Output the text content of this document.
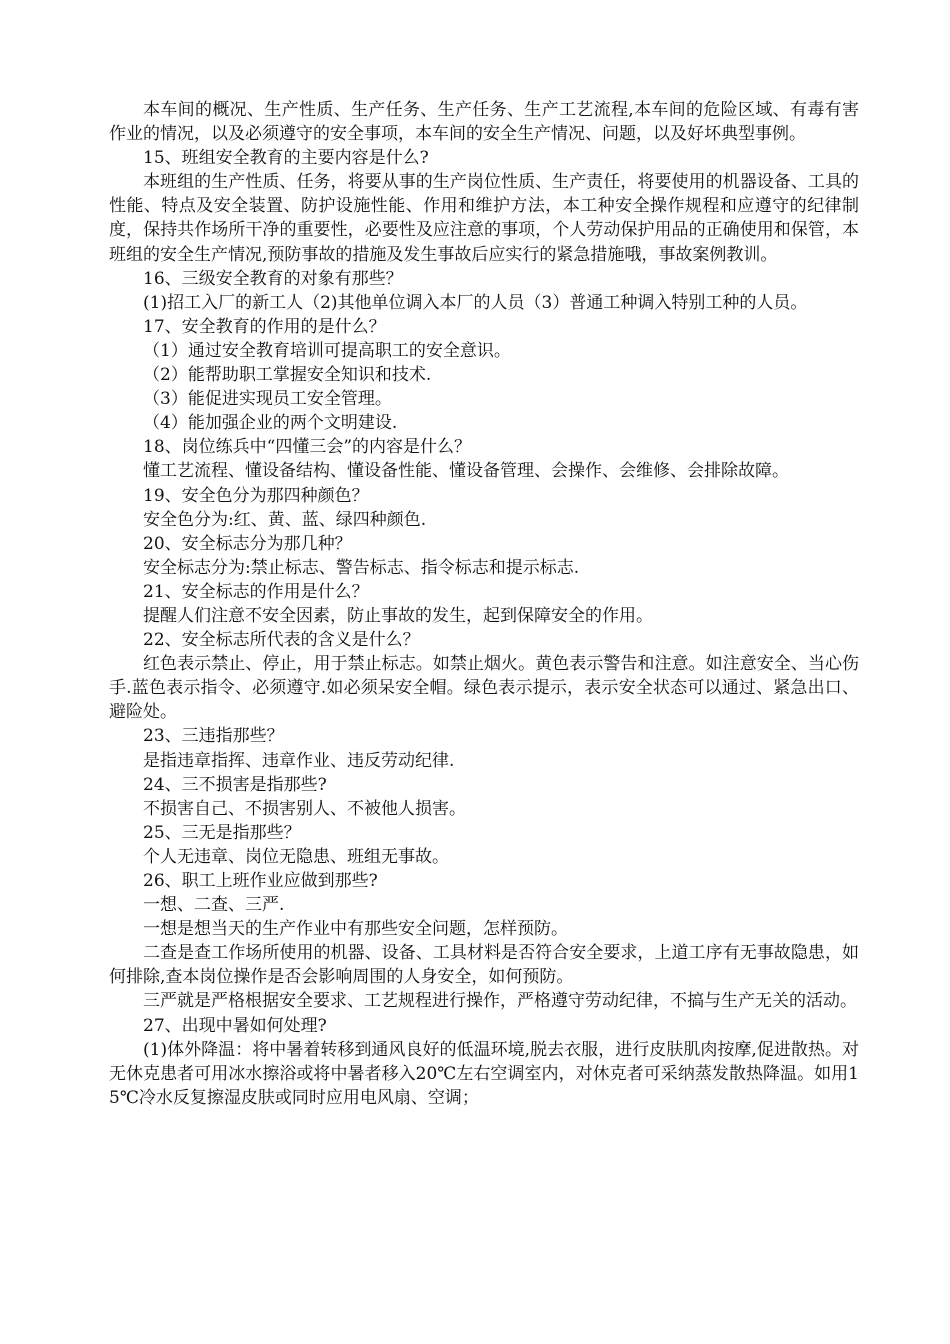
本车间的概况、生产性质、生产任务、生产任务、生产工艺流程,本车间的危险区域、有毒有害作业的情况，以及必须遵守的安全事项，本车间的安全生产情况、问题，以及好坏典型事例。

15、班组安全教育的主要内容是什么?

本班组的生产性质、任务，将要从事的生产岗位性质、生产责任，将要使用的机器设备、工具的性能、特点及安全装置、防护设施性能、作用和维护方法，本工种安全操作规程和应遵守的纪律制度，保持共作场所干净的重要性，必要性及应注意的事项，个人劳动保护用品的正确使用和保管，本班组的安全生产情况,预防事故的措施及发生事故后应实行的紧急措施哦，事故案例教训。

16、三级安全教育的对象有那些？

(1)招工入厂的新工人（2)其他单位调入本厂的人员（3）普通工种调入特别工种的人员。

17、安全教育的作用的是什么？

（1）通过安全教育培训可提高职工的安全意识。

（2）能帮助职工掌握安全知识和技术.

（3）能促进实现员工安全管理。

（4）能加强企业的两个文明建设.

18、岗位练兵中“四懂三会”的内容是什么？

懂工艺流程、懂设备结构、懂设备性能、懂设备管理、会操作、会维修、会排除故障。

19、安全色分为那四种颜色？

安全色分为:红、黄、蓝、绿四种颜色.

20、安全标志分为那几种？

安全标志分为:禁止标志、警告标志、指令标志和提示标志.

21、安全标志的作用是什么？

提醒人们注意不安全因素，防止事故的发生，起到保障安全的作用。

22、安全标志所代表的含义是什么？

红色表示禁止、停止，用于禁止标志。如禁止烟火。黄色表示警告和注意。如注意安全、当心伤手.蓝色表示指令、必须遵守.如必须呆安全帽。绿色表示提示，表示安全状态可以通过、紧急出口、避险处。

23、三违指那些？

是指违章指挥、违章作业、违反劳动纪律.

24、三不损害是指那些?

不损害自己、不损害别人、不被他人损害。

25、三无是指那些？

个人无违章、岗位无隐患、班组无事故。

26、职工上班作业应做到那些?

一想、二查、三严.

一想是想当天的生产作业中有那些安全问题，怎样预防。

二查是查工作场所使用的机器、设备、工具材料是否符合安全要求，上道工序有无事故隐患，如何排除,查本岗位操作是否会影响周围的人身安全，如何预防。

三严就是严格根据安全要求、工艺规程进行操作，严格遵守劳动纪律，不搞与生产无关的活动。

27、出现中暑如何处理?

(1)体外降温：将中暑着转移到通风良好的低温环境,脱去衣服，进行皮肤肌肉按摩,促进散热。对无休克患者可用冰水擦浴或将中暑者移入20℃左右空调室内，对休克者可采纳蒸发散热降温。如用15℃冷水反复擦湿皮肤或同时应用电风扇、空调；
